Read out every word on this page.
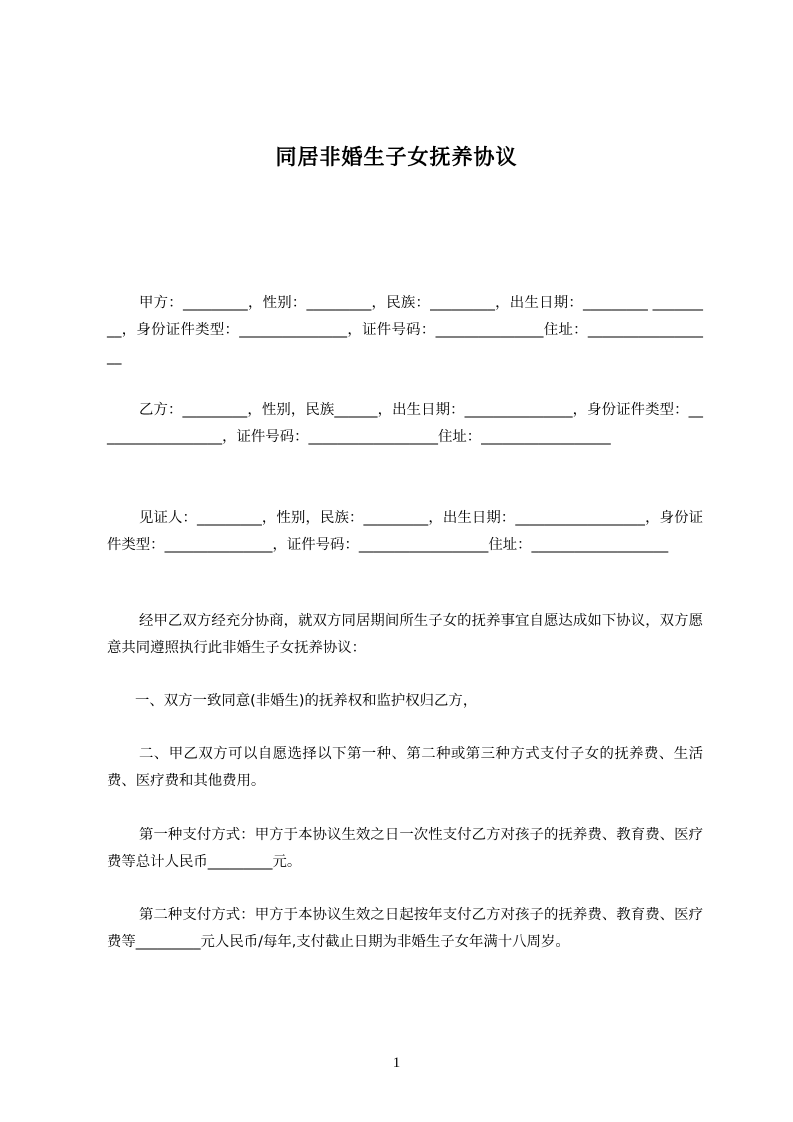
同居非婚生子女抚养协议
甲方：_________，性别：_________，民族：_________，出生日期：_________ _________，身份证件类型：_______________，证件号码：_______________住址：__________________
乙方：_________，性别，民族______，出生日期：_______________，身份证件类型：__________________，证件号码：__________________住址：__________________
见证人：_________，性别，民族：_________，出生日期：__________________，身份证件类型：_______________，证件号码：__________________住址：___________________
经甲乙双方经充分协商，就双方同居期间所生子女的抚养事宜自愿达成如下协议，双方愿意共同遵照执行此非婚生子女抚养协议：
一、双方一致同意(非婚生)的抚养权和监护权归乙方，
二、甲乙双方可以自愿选择以下第一种、第二种或第三种方式支付子女的抚养费、生活费、医疗费和其他费用。
第一种支付方式：甲方于本协议生效之日一次性支付乙方对孩子的抚养费、教育费、医疗费等总计人民币_________元。
第二种支付方式：甲方于本协议生效之日起按年支付乙方对孩子的抚养费、教育费、医疗费等_________元人民币/每年,支付截止日期为非婚生子女年满十八周岁。
1
